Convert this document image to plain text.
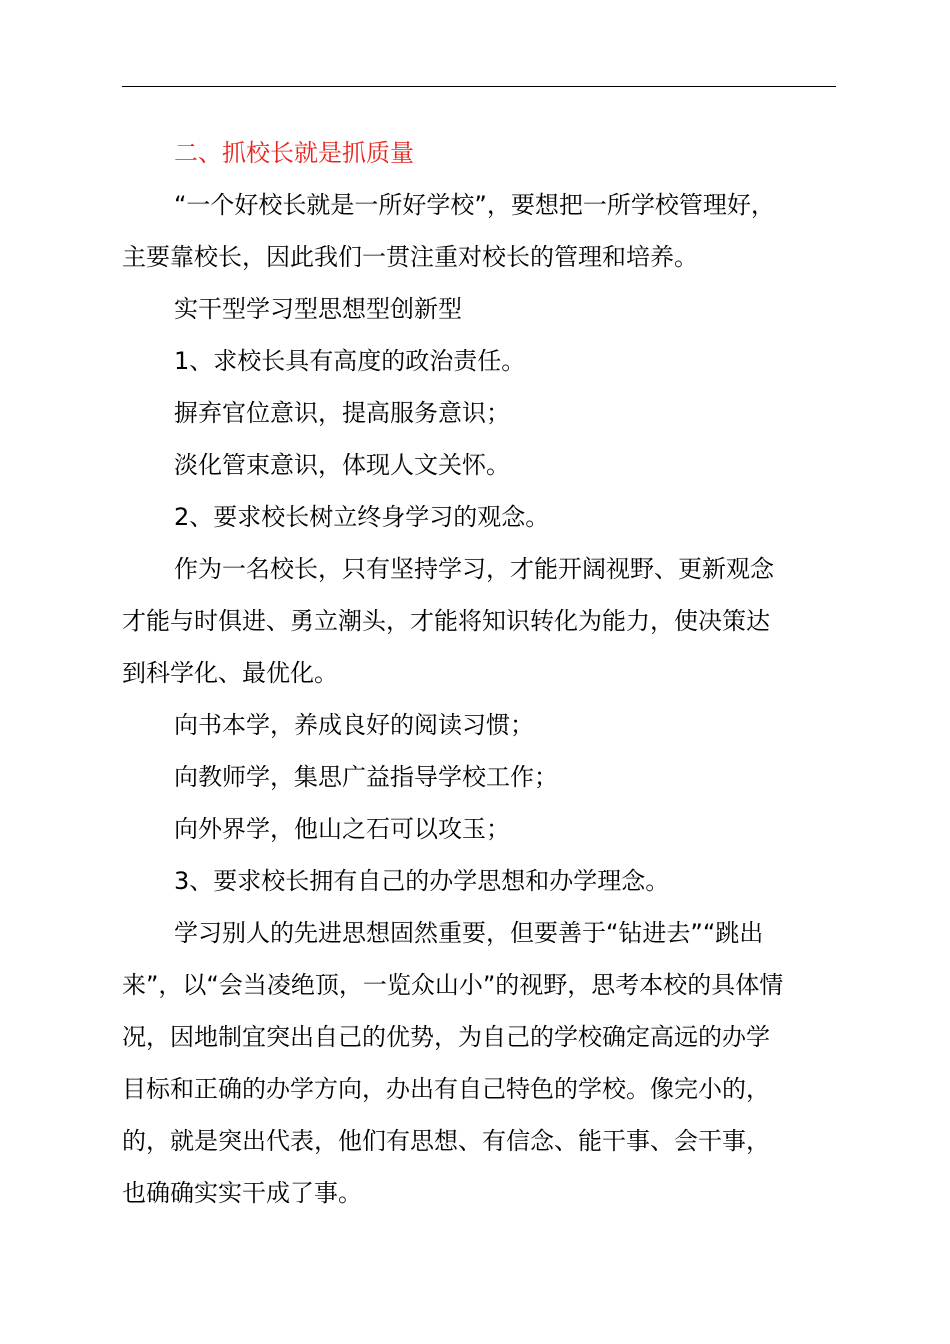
二、抓校长就是抓质量

“一个好校长就是一所好学校”，要想把一所学校管理好，

主要靠校长，因此我们一贯注重对校长的管理和培养。

实干型学习型思想型创新型

1、求校长具有高度的政治责任。

摒弃官位意识，提高服务意识；

淡化管束意识，体现人文关怀。

2、要求校长树立终身学习的观念。

作为一名校长，只有坚持学习，才能开阔视野、更新观念

才能与时俱进、勇立潮头，才能将知识转化为能力，使决策达

到科学化、最优化。

向书本学，养成良好的阅读习惯；

向教师学，集思广益指导学校工作；

向外界学，他山之石可以攻玉；

3、要求校长拥有自己的办学思想和办学理念。

学习别人的先进思想固然重要，但要善于“钻进去”“跳出

来”，以“会当凌绝顶，一览众山小”的视野，思考本校的具体情

况，因地制宜突出自己的优势，为自己的学校确定高远的办学

目标和正确的办学方向，办出有自己特色的学校。像完小的，

的，就是突出代表，他们有思想、有信念、能干事、会干事，

也确确实实干成了事。
